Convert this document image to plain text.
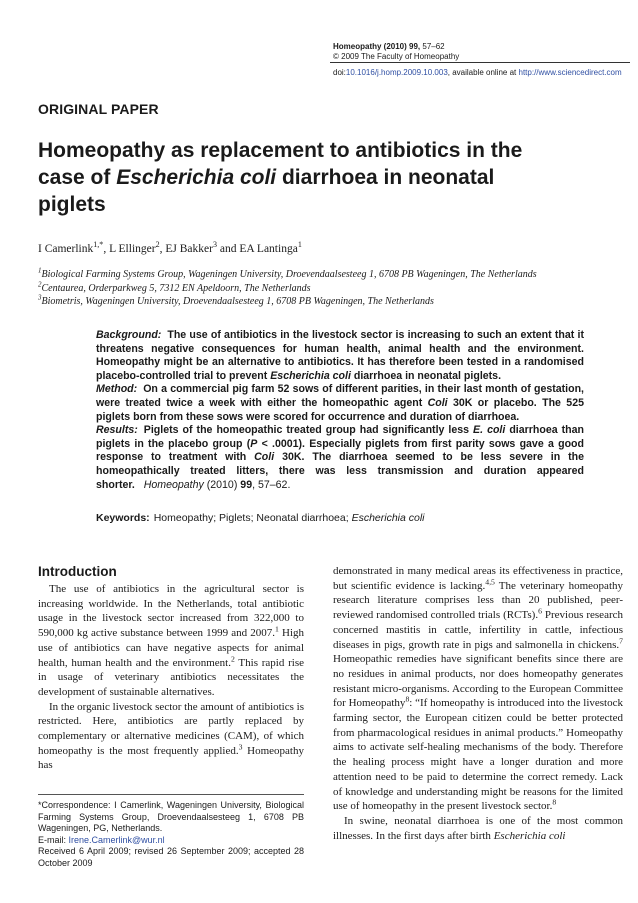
Homeopathy (2010) 99, 57–62
© 2009 The Faculty of Homeopathy
doi:10.1016/j.homp.2009.10.003, available online at http://www.sciencedirect.com
ORIGINAL PAPER
Homeopathy as replacement to antibiotics in the case of Escherichia coli diarrhoea in neonatal piglets
I Camerlink$^{1,*}$, L Ellinger$^2$, EJ Bakker$^3$ and EA Lantinga$^1$
$^1$Biological Farming Systems Group, Wageningen University, Droevendaalsesteeg 1, 6708 PB Wageningen, The Netherlands
$^2$Centaurea, Orderparkweg 5, 7312 EN Apeldoorn, The Netherlands
$^3$Biometris, Wageningen University, Droevendaalsesteeg 1, 6708 PB Wageningen, The Netherlands
Background: The use of antibiotics in the livestock sector is increasing to such an extent that it threatens negative consequences for human health, animal health and the environment. Homeopathy might be an alternative to antibiotics. It has therefore been tested in a randomised placebo-controlled trial to prevent Escherichia coli diarrhoea in neonatal piglets.
Method: On a commercial pig farm 52 sows of different parities, in their last month of gestation, were treated twice a week with either the homeopathic agent Coli 30K or placebo. The 525 piglets born from these sows were scored for occurrence and duration of diarrhoea.
Results: Piglets of the homeopathic treated group had significantly less E. coli diarrhoea than piglets in the placebo group (P < .0001). Especially piglets from first parity sows gave a good response to treatment with Coli 30K. The diarrhoea seemed to be less severe in the homeopathically treated litters, there was less transmission and duration appeared shorter. Homeopathy (2010) 99, 57–62.
Keywords: Homeopathy; Piglets; Neonatal diarrhoea; Escherichia coli
Introduction

The use of antibiotics in the agricultural sector is increasing worldwide. In the Netherlands, total antibiotic usage in the livestock sector increased from 322,000 to 590,000 kg active substance between 1999 and 2007.$^1$ High use of antibiotics can have negative aspects for animal health, human health and the environment.$^2$ This rapid rise in usage of veterinary antibiotics necessitates the development of sustainable alternatives.

In the organic livestock sector the amount of antibiotics is restricted. Here, antibiotics are partly replaced by complementary or alternative medicines (CAM), of which homeopathy is the most frequently applied.$^3$ Homeopathy has

demonstrated in many medical areas its effectiveness in practice, but scientific evidence is lacking.$^{4,5}$ The veterinary homeopathy research literature comprises less than 20 published, peer-reviewed randomised controlled trials (RCTs).$^6$ Previous research concerned mastitis in cattle, infertility in cattle, infectious diseases in pigs, growth rate in pigs and salmonella in chickens.$^7$ Homeopathic remedies have significant benefits since there are no residues in animal products, nor does homeopathy generates resistant micro-organisms. According to the European Committee for Homeopathy$^8$: “If homeopathy is introduced into the livestock farming sector, the European citizen could be better protected from pharmacological residues in animal products.” Homeopathy aims to activate self-healing mechanisms of the body. Therefore the healing process might have a longer duration and more attention need to be paid to determine the correct remedy. Lack of knowledge and understanding might be reasons for the limited use of homeopathy in the present livestock sector.$^8$

In swine, neonatal diarrhoea is one of the most common illnesses. In the first days after birth Escherichia coli

*Correspondence: I Camerlink, Wageningen University, Biological Farming Systems Group, Droevendaalsesteeg 1, 6708 PB Wageningen, PG, Netherlands.
E-mail: Irene.Camerlink@wur.nl
Received 6 April 2009; revised 26 September 2009; accepted 28 October 2009
